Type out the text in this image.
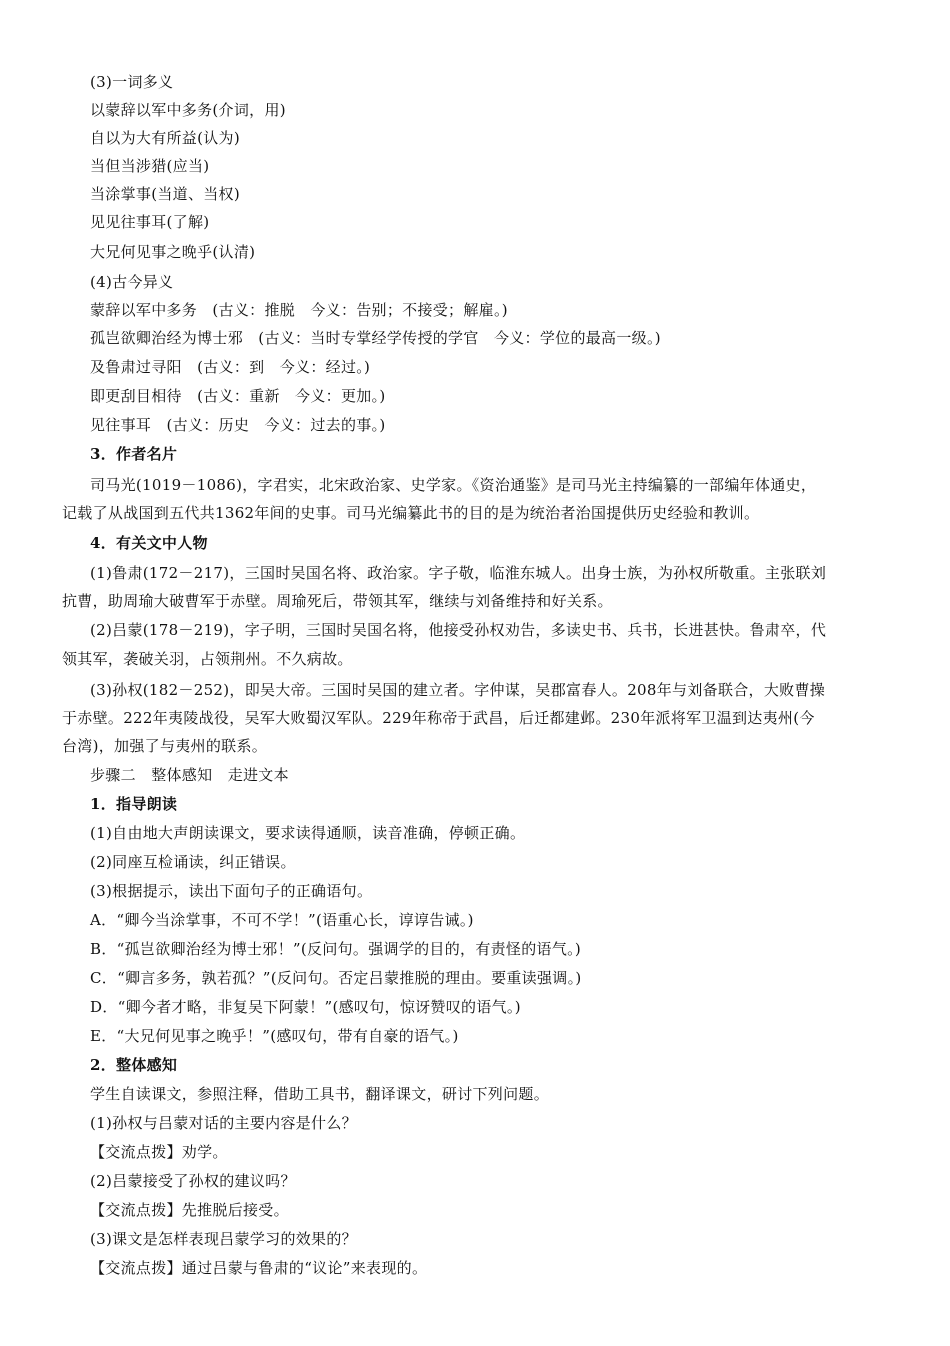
(3)一词多义
以蒙辞以军中多务(介词，用)
自以为大有所益(认为)
当但当涉猎(应当)
当涂掌事(当道、当权)
见见往事耳(了解)
大兄何见事之晚乎(认清)
(4)古今异义
蒙辞以军中多务　(古义：推脱　今义：告别；不接受；解雇。)
孤岂欲卿治经为博士邪　(古义：当时专掌经学传授的学官　今义：学位的最高一级。)
及鲁肃过寻阳　(古义：到　今义：经过。)
即更刮目相待　(古义：重新　今义：更加。)
见往事耳　(古义：历史　今义：过去的事。)
3．作者名片
司马光(1019－1086)，字君实，北宋政治家、史学家。《资治通鉴》是司马光主持编纂的一部编年体通史，
记载了从战国到五代共1362年间的史事。司马光编纂此书的目的是为统治者治国提供历史经验和教训。
4．有关文中人物
(1)鲁肃(172－217)，三国时吴国名将、政治家。字子敬，临淮东城人。出身士族，为孙权所敬重。主张联刘
抗曹，助周瑜大破曹军于赤壁。周瑜死后，带领其军，继续与刘备维持和好关系。
(2)吕蒙(178－219)，字子明，三国时吴国名将，他接受孙权劝告，多读史书、兵书，长进甚快。鲁肃卒，代
领其军，袭破关羽，占领荆州。不久病故。
(3)孙权(182－252)，即吴大帝。三国时吴国的建立者。字仲谋，吴郡富春人。208年与刘备联合，大败曹操
于赤壁。222年夷陵战役，吴军大败蜀汉军队。229年称帝于武昌，后迁都建邺。230年派将军卫温到达夷州(今
台湾)，加强了与夷州的联系。
步骤二　整体感知　走进文本
1．指导朗读
(1)自由地大声朗读课文，要求读得通顺，读音准确，停顿正确。
(2)同座互检诵读，纠正错误。
(3)根据提示，读出下面句子的正确语句。
A．“卿今当涂掌事，不可不学！”(语重心长，谆谆告诫。)
B．“孤岂欲卿治经为博士邪！”(反问句。强调学的目的，有责怪的语气。)
C．“卿言多务，孰若孤？”(反问句。否定吕蒙推脱的理由。要重读强调。)
D．“卿今者才略，非复吴下阿蒙！”(感叹句，惊讶赞叹的语气。)
E．“大兄何见事之晚乎！”(感叹句，带有自豪的语气。)
2．整体感知
学生自读课文，参照注释，借助工具书，翻译课文，研讨下列问题。
(1)孙权与吕蒙对话的主要内容是什么？
【交流点拨】劝学。
(2)吕蒙接受了孙权的建议吗？
【交流点拨】先推脱后接受。
(3)课文是怎样表现吕蒙学习的效果的？
【交流点拨】通过吕蒙与鲁肃的“议论”来表现的。
